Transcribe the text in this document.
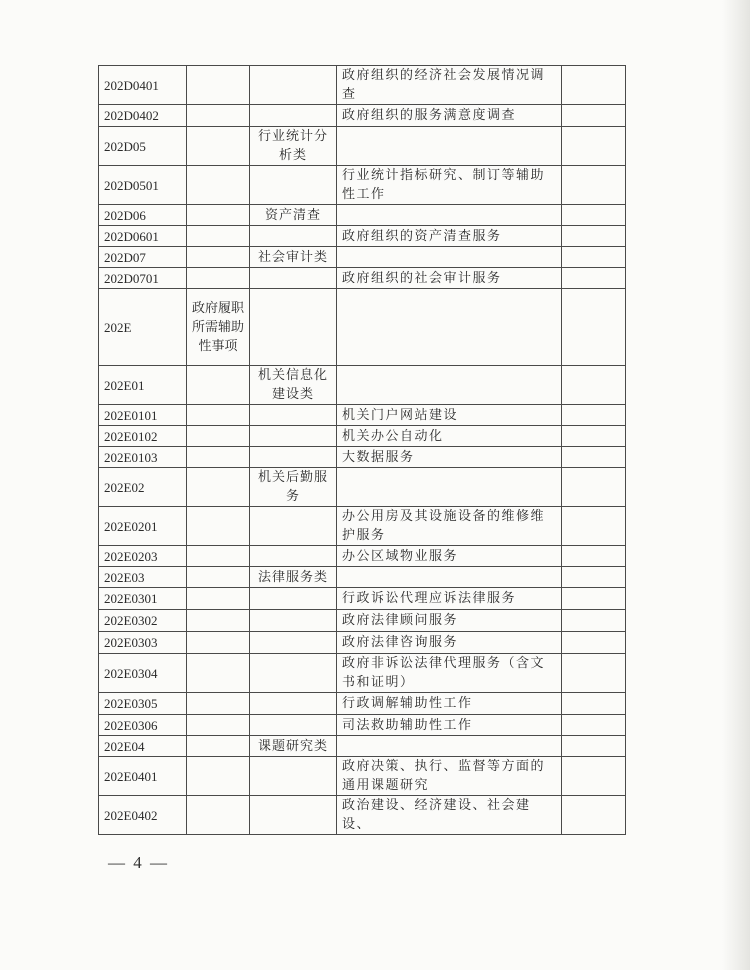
202D0401			政府组织的经济社会发展情况调查	
202D0402			政府组织的服务满意度调查	
202D05		行业统计分析类		
202D0501			行业统计指标研究、制订等辅助性工作	
202D06		资产清查		
202D0601			政府组织的资产清查服务	
202D07		社会审计类		
202D0701			政府组织的社会审计服务	
202E	政府履职所需辅助性事项			
202E01		机关信息化建设类		
202E0101			机关门户网站建设	
202E0102			机关办公自动化	
202E0103			大数据服务	
202E02		机关后勤服务		
202E0201			办公用房及其设施设备的维修维护服务	
202E0203			办公区域物业服务	
202E03		法律服务类		
202E0301			行政诉讼代理应诉法律服务	
202E0302			政府法律顾问服务	
202E0303			政府法律咨询服务	
202E0304			政府非诉讼法律代理服务（含文书和证明）	
202E0305			行政调解辅助性工作	
202E0306			司法救助辅助性工作	
202E04		课题研究类		
202E0401			政府决策、执行、监督等方面的通用课题研究	
202E0402			政治建设、经济建设、社会建设、	
— 4 —
